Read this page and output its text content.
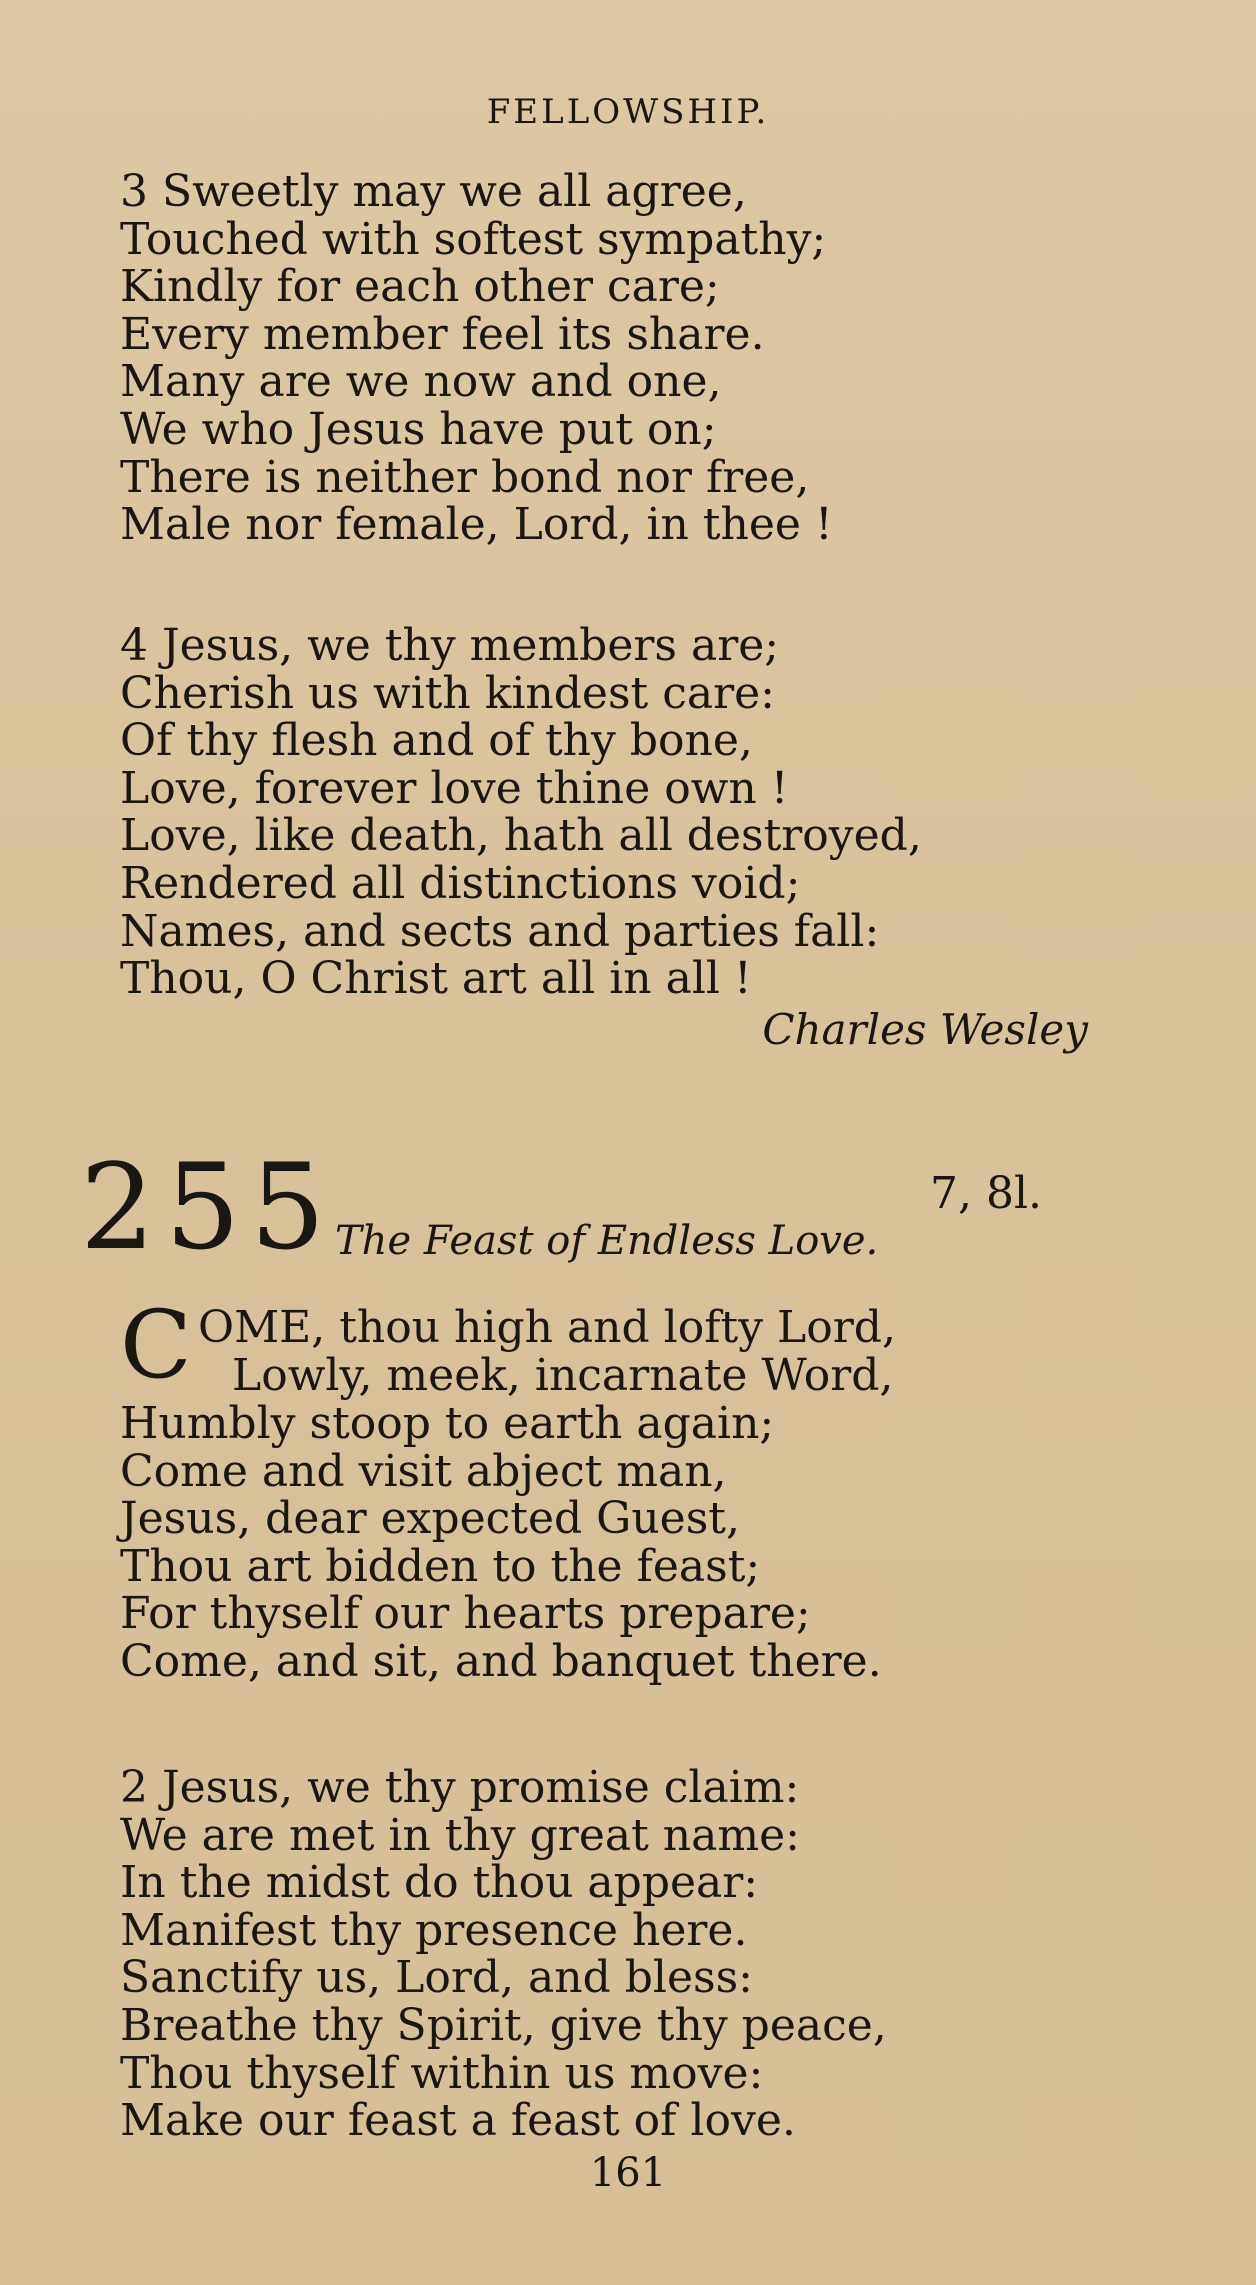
FELLOWSHIP.
3 Sweetly may we all agree,
Touched with softest sympathy;
Kindly for each other care;
Every member feel its share.
Many are we now and one,
We who Jesus have put on;
There is neither bond nor free,
Male nor female, Lord, in thee !
4 Jesus, we thy members are;
Cherish us with kindest care:
Of thy flesh and of thy bone,
Love, forever love thine own !
Love, like death, hath all destroyed,
Rendered all distinctions void;
Names, and sects and parties fall:
Thou, O Christ art all in all !
Charles Wesley
255	7, 8l.
The Feast of Endless Love.
C OME, thou high and lofty Lord,
Lowly, meek, incarnate Word,
Humbly stoop to earth again;
Come and visit abject man,
Jesus, dear expected Guest,
Thou art bidden to the feast;
For thyself our hearts prepare;
Come, and sit, and banquet there.
2 Jesus, we thy promise claim:
We are met in thy great name:
In the midst do thou appear:
Manifest thy presence here.
Sanctify us, Lord, and bless:
Breathe thy Spirit, give thy peace,
Thou thyself within us move:
Make our feast a feast of love.
161
